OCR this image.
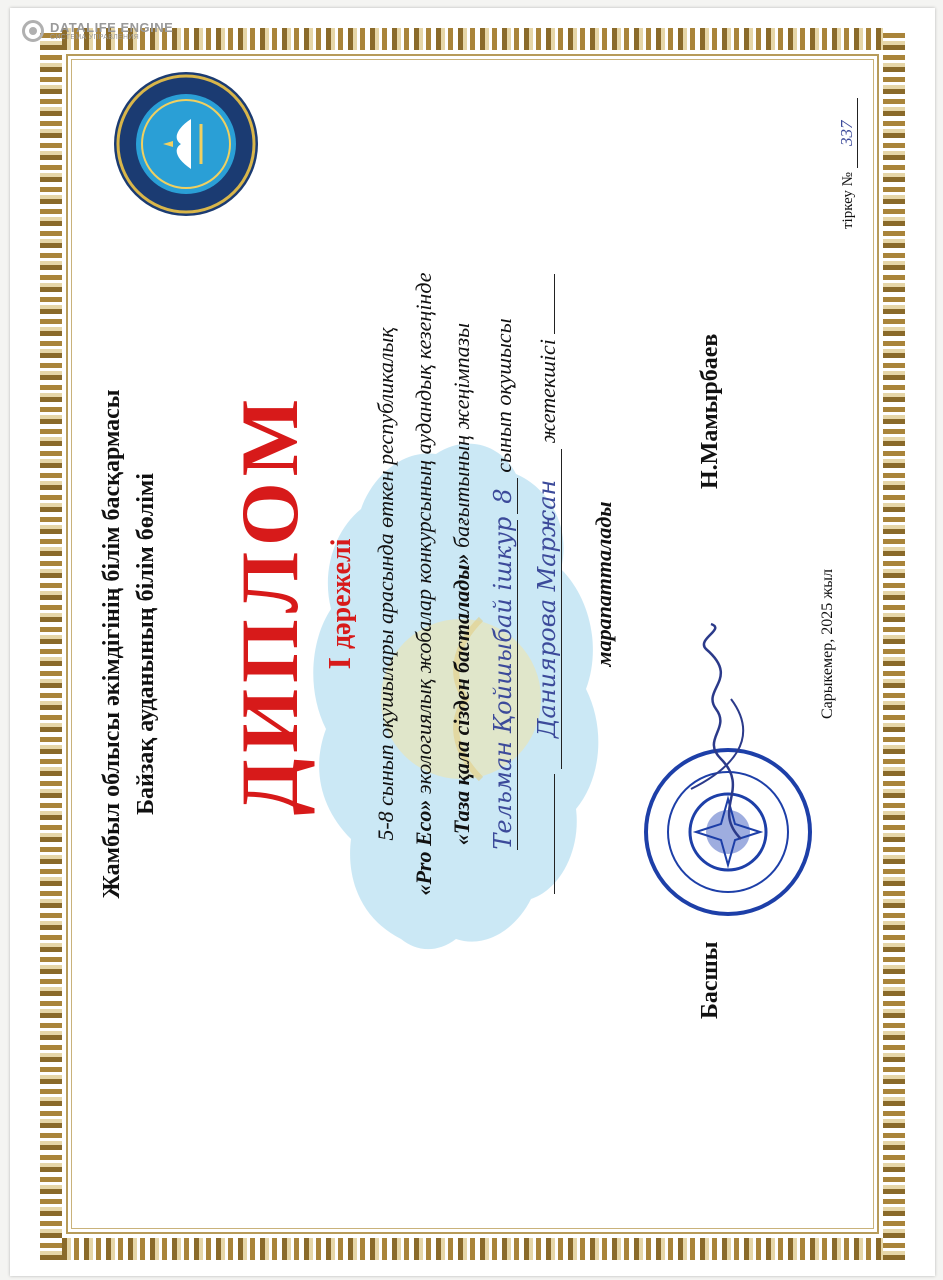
DATALIFE ENGINE
СИСТЕМА УПРАВЛЕНИЯ
Жамбыл облысы әкімдігінің білім басқармасы Байзақ ауданының білім бөлімі ДИПЛОМ I дәрежелі 5-8 сынып оқушылары арасында өткен республикалық
«Pro Eco» экологиялық жобалар конкурсының аудандық кезеңінде «Таза қала сізден басталады» бағытының жеңімпазы
Тельман Қойшыбай ішкур 8 сынып оқушысы
Даниярова Маржан жетекшісі
марапатталады
Басшы
Н.Мамырбаев
Сарыкемер, 2025 жыл
тіркеу № 337
